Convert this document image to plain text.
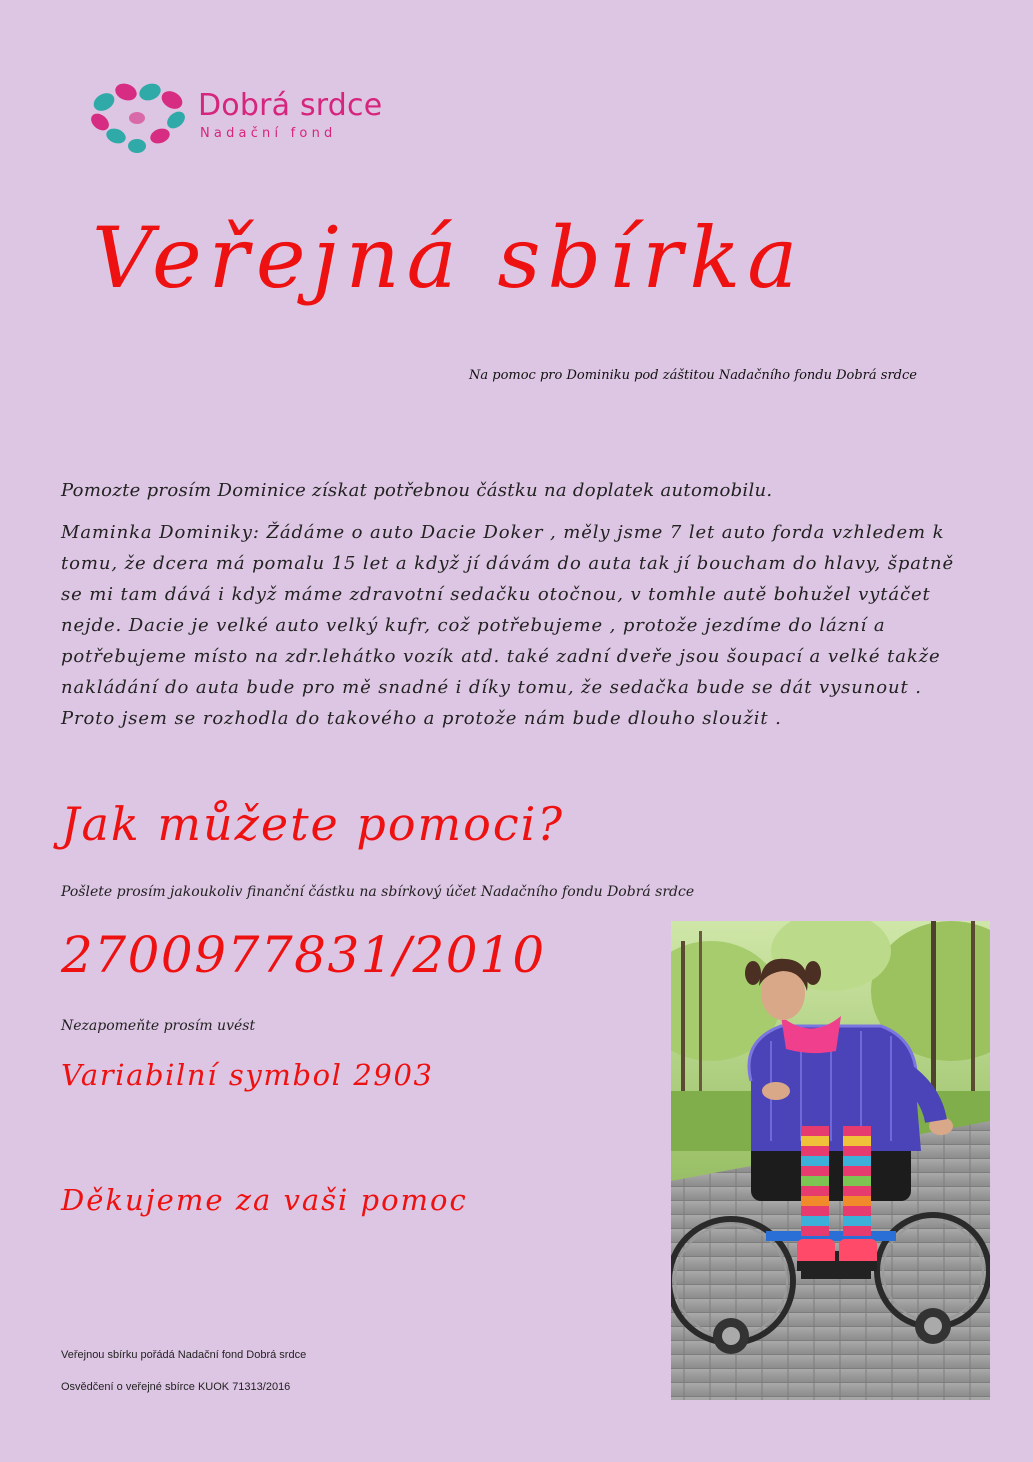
Dobrá srdce
Nadační fond
Veřejná sbírka
Na pomoc pro Dominiku pod záštitou Nadačního fondu Dobrá srdce
Pomozte prosím Dominice získat potřebnou částku na doplatek automobilu.
Maminka Dominiky: Žádáme o auto Dacie Doker , měly jsme 7 let auto forda vzhledem k tomu, že dcera má pomalu 15 let a když jí dávám do auta tak jí boucham do hlavy, špatně se mi tam dává i když máme zdravotní sedačku otočnou, v tomhle autě bohužel vytáčet nejde. Dacie je velké auto velký kufr, což potřebujeme , protože jezdíme do lázní a potřebujeme místo na zdr.lehátko vozík atd. také zadní dveře jsou šoupací a velké takže nakládání do auta bude pro mě snadné i díky tomu, že sedačka bude se dát vysunout . Proto jsem se rozhodla do takového a protože nám bude dlouho sloužit .
Jak můžete pomoci?
Pošlete prosím jakoukoliv finanční částku na sbírkový účet Nadačního fondu Dobrá srdce
2700977831/2010
Nezapomeňte prosím uvést
Variabilní symbol 2903
Děkujeme za vaši pomoc
Veřejnou sbírku pořádá Nadační fond Dobrá srdce
Osvědčení o veřejné sbírce KUOK 71313/2016
